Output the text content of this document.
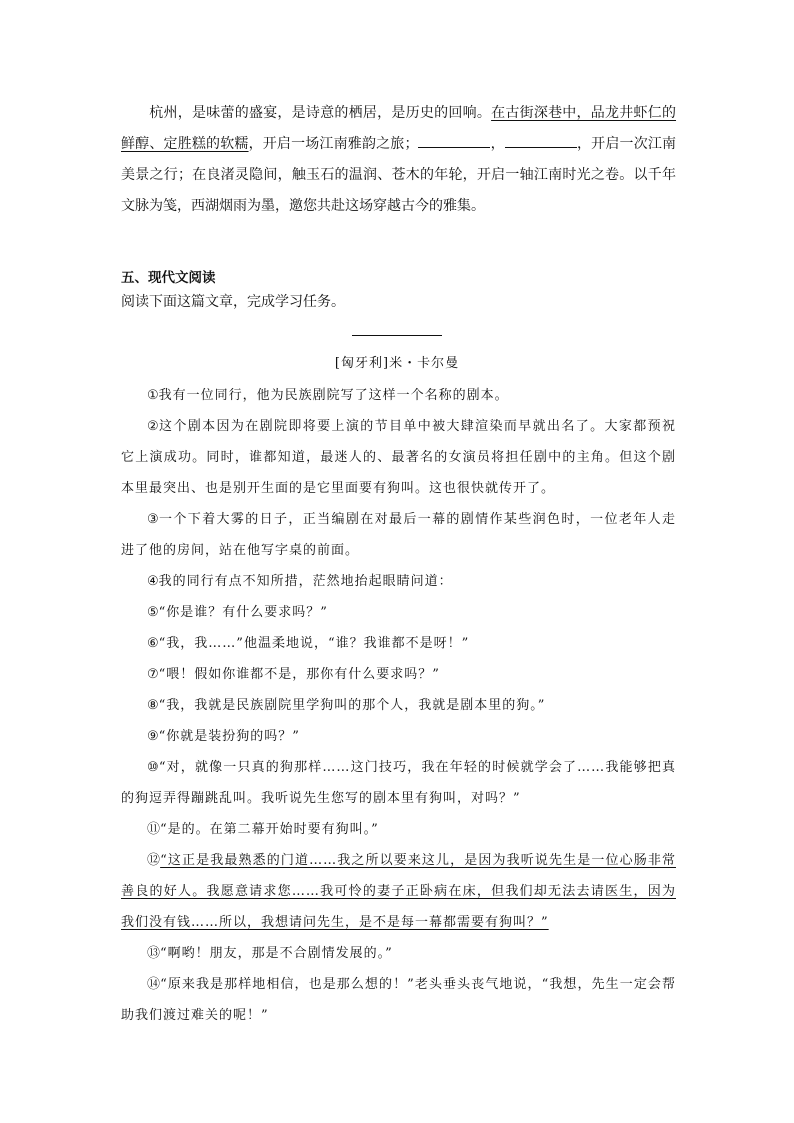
杭州，是味蕾的盛宴，是诗意的栖居，是历史的回响。在古街深巷中，品龙井虾仁的鲜醇、定胜糕的软糯，开启一场江南雅韵之旅；	，	，开启一次江南美景之行；在良渚灵隐间，触玉石的温润、苍木的年轮，开启一轴江南时光之卷。以千年文脉为笺，西湖烟雨为墨，邀您共赴这场穿越古今的雅集。
五、现代文阅读
阅读下面这篇文章，完成学习任务。
[匈牙利]米・卡尔曼

①我有一位同行，他为民族剧院写了这样一个名称的剧本。

②这个剧本因为在剧院即将要上演的节目单中被大肆渲染而早就出名了。大家都预祝它上演成功。同时，谁都知道，最迷人的、最著名的女演员将担任剧中的主角。但这个剧本里最突出、也是别开生面的是它里面要有狗叫。这也很快就传开了。

③一个下着大雾的日子，正当编剧在对最后一幕的剧情作某些润色时，一位老年人走进了他的房间，站在他写字桌的前面。

④我的同行有点不知所措，茫然地抬起眼睛问道：

⑤“你是谁？有什么要求吗？”

⑥“我，我……”他温柔地说，“谁？我谁都不是呀！”

⑦“喂！假如你谁都不是，那你有什么要求吗？”

⑧“我，我就是民族剧院里学狗叫的那个人，我就是剧本里的狗。”

⑨“你就是装扮狗的吗？”

⑩“对，就像一只真的狗那样……这门技巧，我在年轻的时候就学会了……我能够把真的狗逗弄得蹦跳乱叫。我听说先生您写的剧本里有狗叫，对吗？”

⑪“是的。在第二幕开始时要有狗叫。”

⑫“这正是我最熟悉的门道……我之所以要来这儿，是因为我听说先生是一位心肠非常善良的好人。我愿意请求您……我可怜的妻子正卧病在床，但我们却无法去请医生，因为我们没有钱……所以，我想请问先生，是不是每一幕都需要有狗叫？”

⑬“啊哟！朋友，那是不合剧情发展的。”

⑭“原来我是那样地相信，也是那么想的！”老头垂头丧气地说，“我想，先生一定会帮助我们渡过难关的呢！”
